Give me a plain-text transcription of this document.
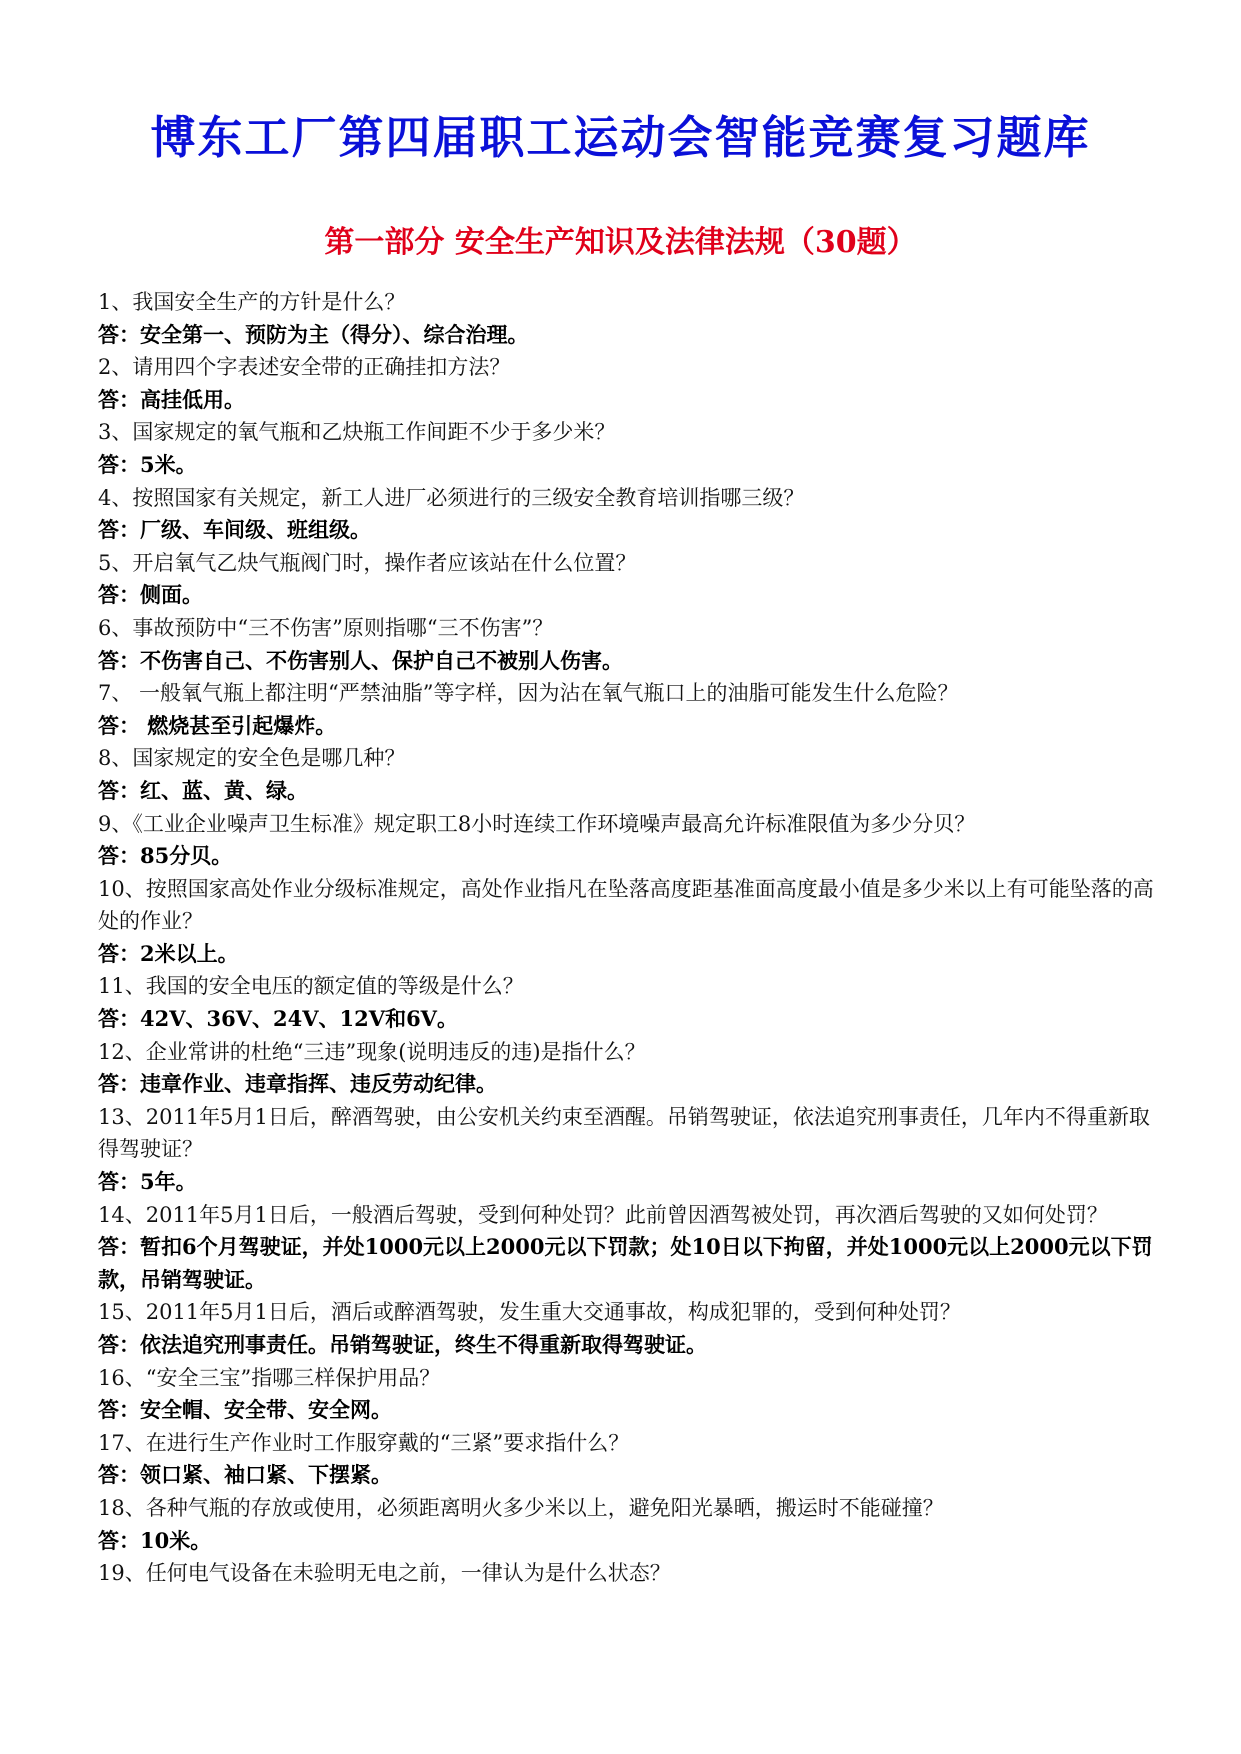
博东工厂第四届职工运动会智能竞赛复习题库
第一部分 安全生产知识及法律法规（30题）

1、我国安全生产的方针是什么？

答：安全第一、预防为主（得分）、综合治理。

2、请用四个字表述安全带的正确挂扣方法？

答：高挂低用。

3、国家规定的氧气瓶和乙炔瓶工作间距不少于多少米？

答：5米。

4、按照国家有关规定，新工人进厂必须进行的三级安全教育培训指哪三级？

答：厂级、车间级、班组级。

5、开启氧气乙炔气瓶阀门时，操作者应该站在什么位置？

答：侧面。

6、事故预防中“三不伤害”原则指哪“三不伤害”？

答：不伤害自己、不伤害别人、保护自己不被别人伤害。

7、 一般氧气瓶上都注明“严禁油脂”等字样，因为沾在氧气瓶口上的油脂可能发生什么危险？

答： 燃烧甚至引起爆炸。

8、国家规定的安全色是哪几种？

答：红、蓝、黄、绿。

9、《工业企业噪声卫生标准》规定职工8小时连续工作环境噪声最高允许标准限值为多少分贝？

答：85分贝。

10、按照国家高处作业分级标准规定，高处作业指凡在坠落高度距基准面高度最小值是多少米以上有可能坠落的高处的作业？

答：2米以上。

11、我国的安全电压的额定值的等级是什么？

答：42V、36V、24V、12V和6V。

12、企业常讲的杜绝“三违”现象(说明违反的违)是指什么？

答：违章作业、违章指挥、违反劳动纪律。

13、2011年5月1日后，醉酒驾驶，由公安机关约束至酒醒。吊销驾驶证，依法追究刑事责任，几年内不得重新取得驾驶证？

答：5年。

14、2011年5月1日后，一般酒后驾驶，受到何种处罚？此前曾因酒驾被处罚，再次酒后驾驶的又如何处罚？

答：暂扣6个月驾驶证，并处1000元以上2000元以下罚款；处10日以下拘留，并处1000元以上2000元以下罚款，吊销驾驶证。

15、2011年5月1日后，酒后或醉酒驾驶，发生重大交通事故，构成犯罪的，受到何种处罚？

答：依法追究刑事责任。吊销驾驶证，终生不得重新取得驾驶证。

16、“安全三宝”指哪三样保护用品？

答：安全帽、安全带、安全网。

17、在进行生产作业时工作服穿戴的“三紧”要求指什么？

答：领口紧、袖口紧、下摆紧。

18、各种气瓶的存放或使用，必须距离明火多少米以上，避免阳光暴晒，搬运时不能碰撞？

答：10米。

19、任何电气设备在未验明无电之前，一律认为是什么状态？
